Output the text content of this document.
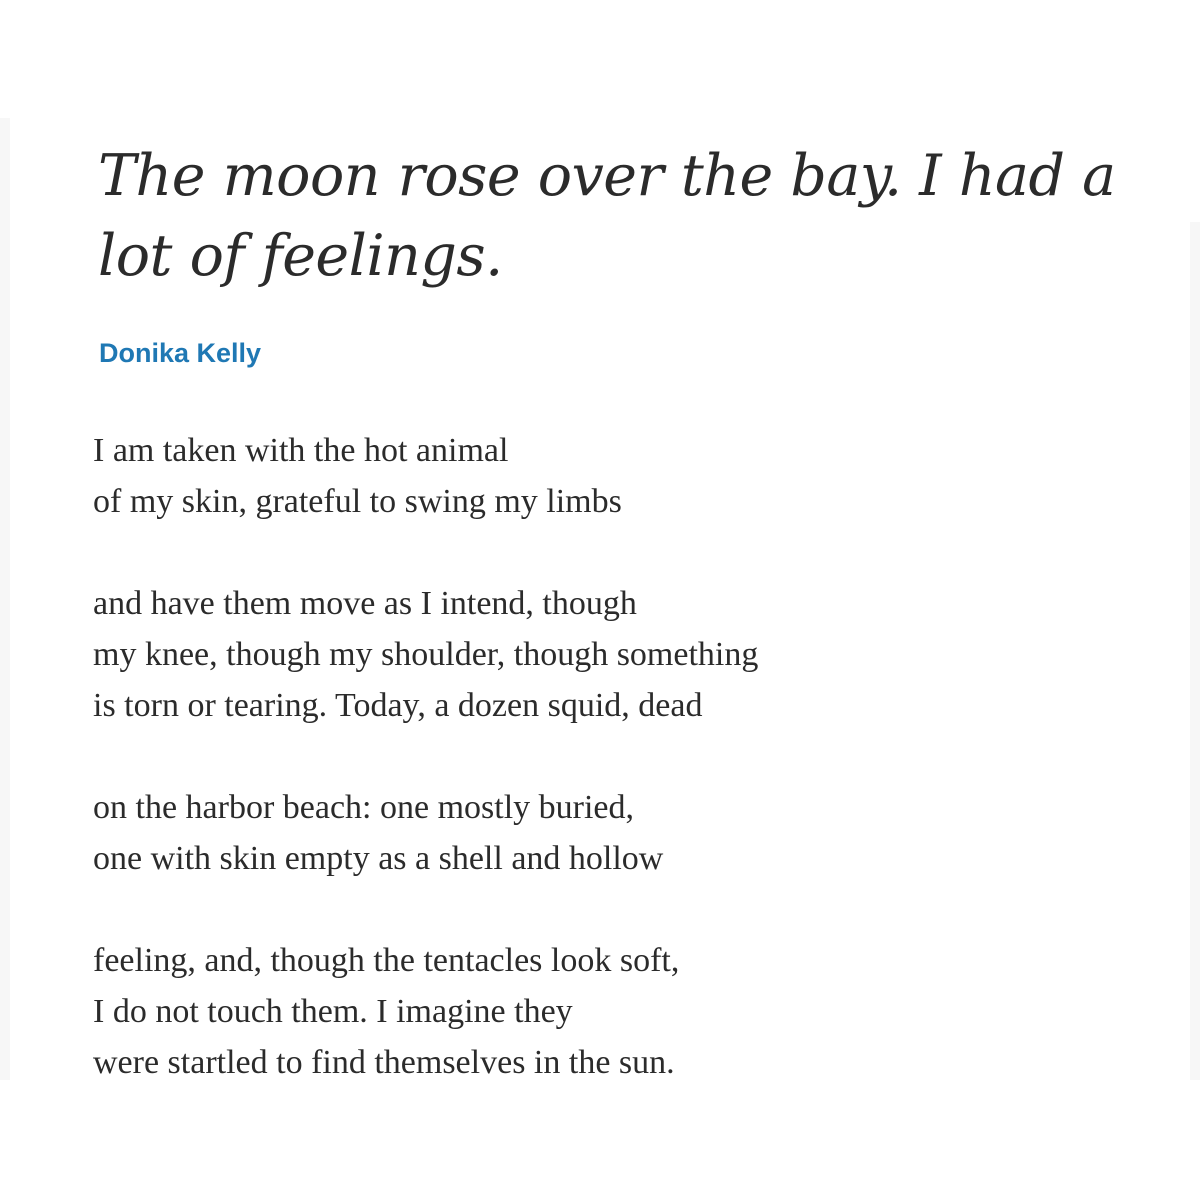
The moon rose over the bay. I had a lot of feelings.
Donika Kelly
I am taken with the hot animal
of my skin, grateful to swing my limbs
and have them move as I intend, though
my knee, though my shoulder, though something
is torn or tearing. Today, a dozen squid, dead
on the harbor beach: one mostly buried,
one with skin empty as a shell and hollow
feeling, and, though the tentacles look soft,
I do not touch them. I imagine they
were startled to find themselves in the sun.
